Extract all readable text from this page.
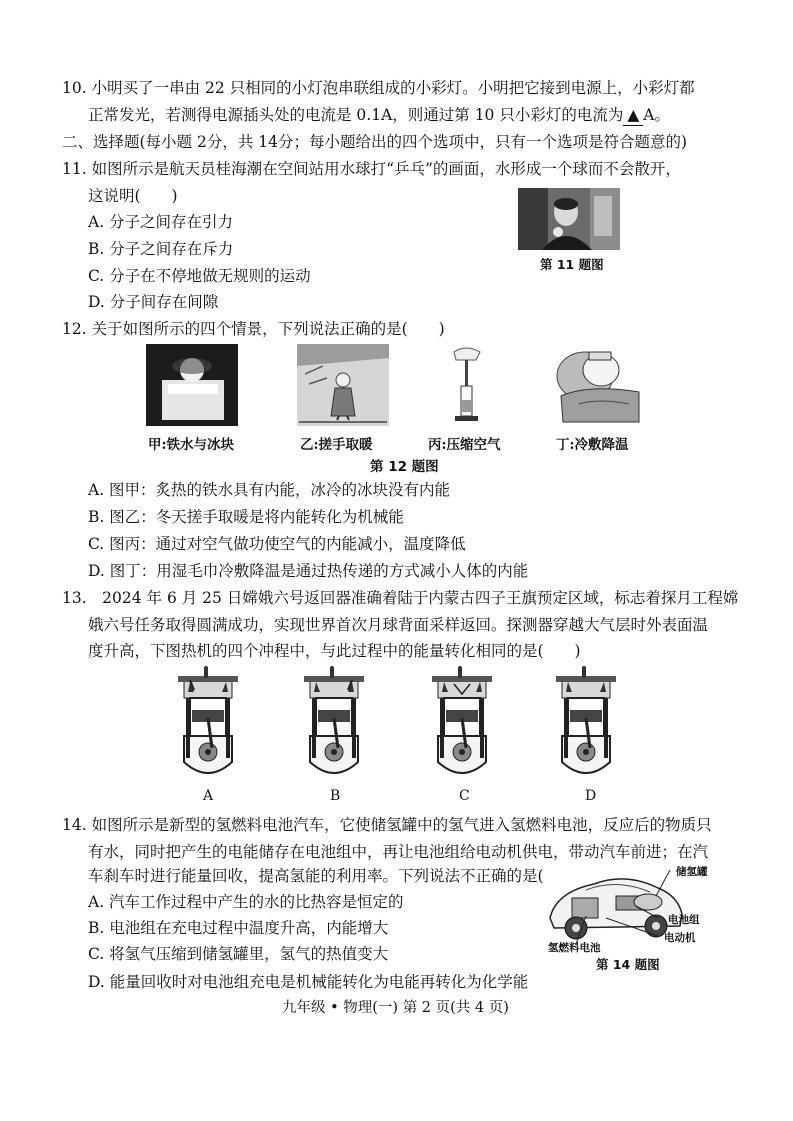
10. 小明买了一串由 22 只相同的小灯泡串联组成的小彩灯。小明把它接到电源上，小彩灯都
正常发光，若测得电源插头处的电流是 0.1A，则通过第 10 只小彩灯的电流为 ▲ A。
二、选择题(每小题 2分，共 14分；每小题给出的四个选项中，只有一个选项是符合题意的)
11. 如图所示是航天员桂海潮在空间站用水球打“乒乓”的画面，水形成一个球而不会散开，
这说明(　　)
A. 分子之间存在引力
B. 分子之间存在斥力
C. 分子在不停地做无规则的运动
D. 分子间存在间隙
第 11 题图
12. 关于如图所示的四个情景，下列说法正确的是(　　)
甲:铁水与冰块	乙:搓手取暖	丙:压缩空气	丁:冷敷降温
第 12 题图
A. 图甲：炙热的铁水具有内能，冰冷的冰块没有内能
B. 图乙：冬天搓手取暖是将内能转化为机械能
C. 图丙：通过对空气做功使空气的内能减小，温度降低
D. 图丁：用湿毛巾冷敷降温是通过热传递的方式减小人体的内能
13.　2024 年 6 月 25 日嫦娥六号返回器准确着陆于内蒙古四子王旗预定区域，标志着探月工程嫦
娥六号任务取得圆满成功，实现世界首次月球背面采样返回。探测器穿越大气层时外表面温
度升高，下图热机的四个冲程中，与此过程中的能量转化相同的是(　　)
A	B	C	D
14. 如图所示是新型的氢燃料电池汽车，它使储氢罐中的氢气进入氢燃料电池，反应后的物质只
有水，同时把产生的电能储存在电池组中，再让电池组给电动机供电，带动汽车前进；在汽
车刹车时进行能量回收，提高氢能的利用率。下列说法不正确的是(
A. 汽车工作过程中产生的水的比热容是恒定的
B. 电池组在充电过程中温度升高，内能增大
C. 将氢气压缩到储氢罐里，氢气的热值变大
D. 能量回收时对电池组充电是机械能转化为电能再转化为化学能
储氢罐
电池组
电动机
氢燃料电池
第 14 题图
九年级 • 物理(一) 第 2 页(共 4 页)
